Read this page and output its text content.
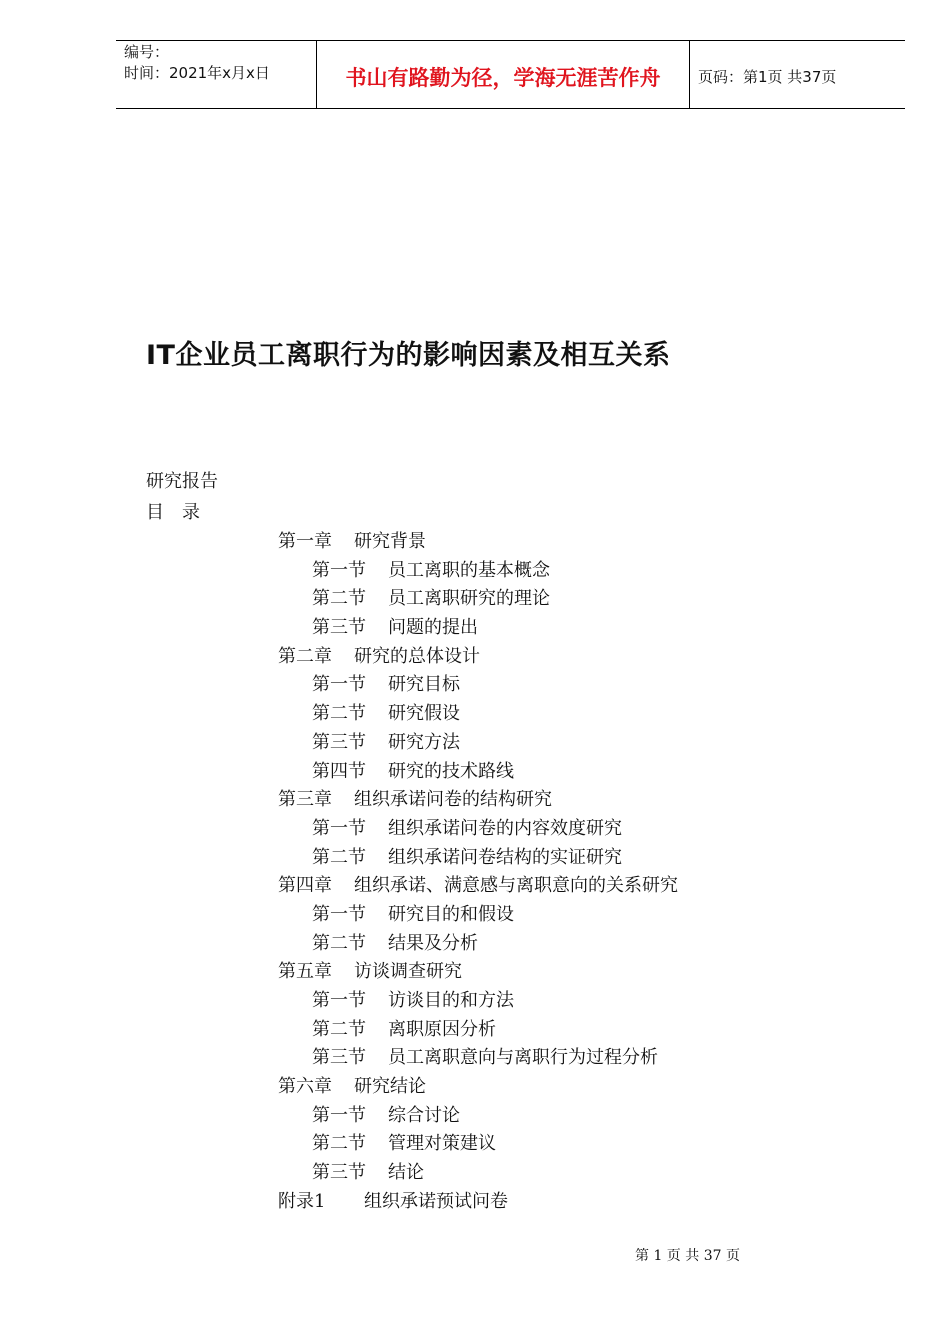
编号：
时间：2021年x月x日	书山有路勤为径，学海无涯苦作舟	页码：第1页 共37页
IT企业员工离职行为的影响因素及相互关系
研究报告
目录
第一章 研究背景
第一节 员工离职的基本概念
第二节 员工离职研究的理论
第三节 问题的提出
第二章 研究的总体设计
第一节 研究目标
第二节 研究假设
第三节 研究方法
第四节 研究的技术路线
第三章 组织承诺问卷的结构研究
第一节 组织承诺问卷的内容效度研究
第二节 组织承诺问卷结构的实证研究
第四章 组织承诺、满意感与离职意向的关系研究
第一节 研究目的和假设
第二节 结果及分析
第五章 访谈调查研究
第一节 访谈目的和方法
第二节 离职原因分析
第三节 员工离职意向与离职行为过程分析
第六章 研究结论
第一节 综合讨论
第二节 管理对策建议
第三节 结论
附录1 组织承诺预试问卷
第 1 页 共 37 页
